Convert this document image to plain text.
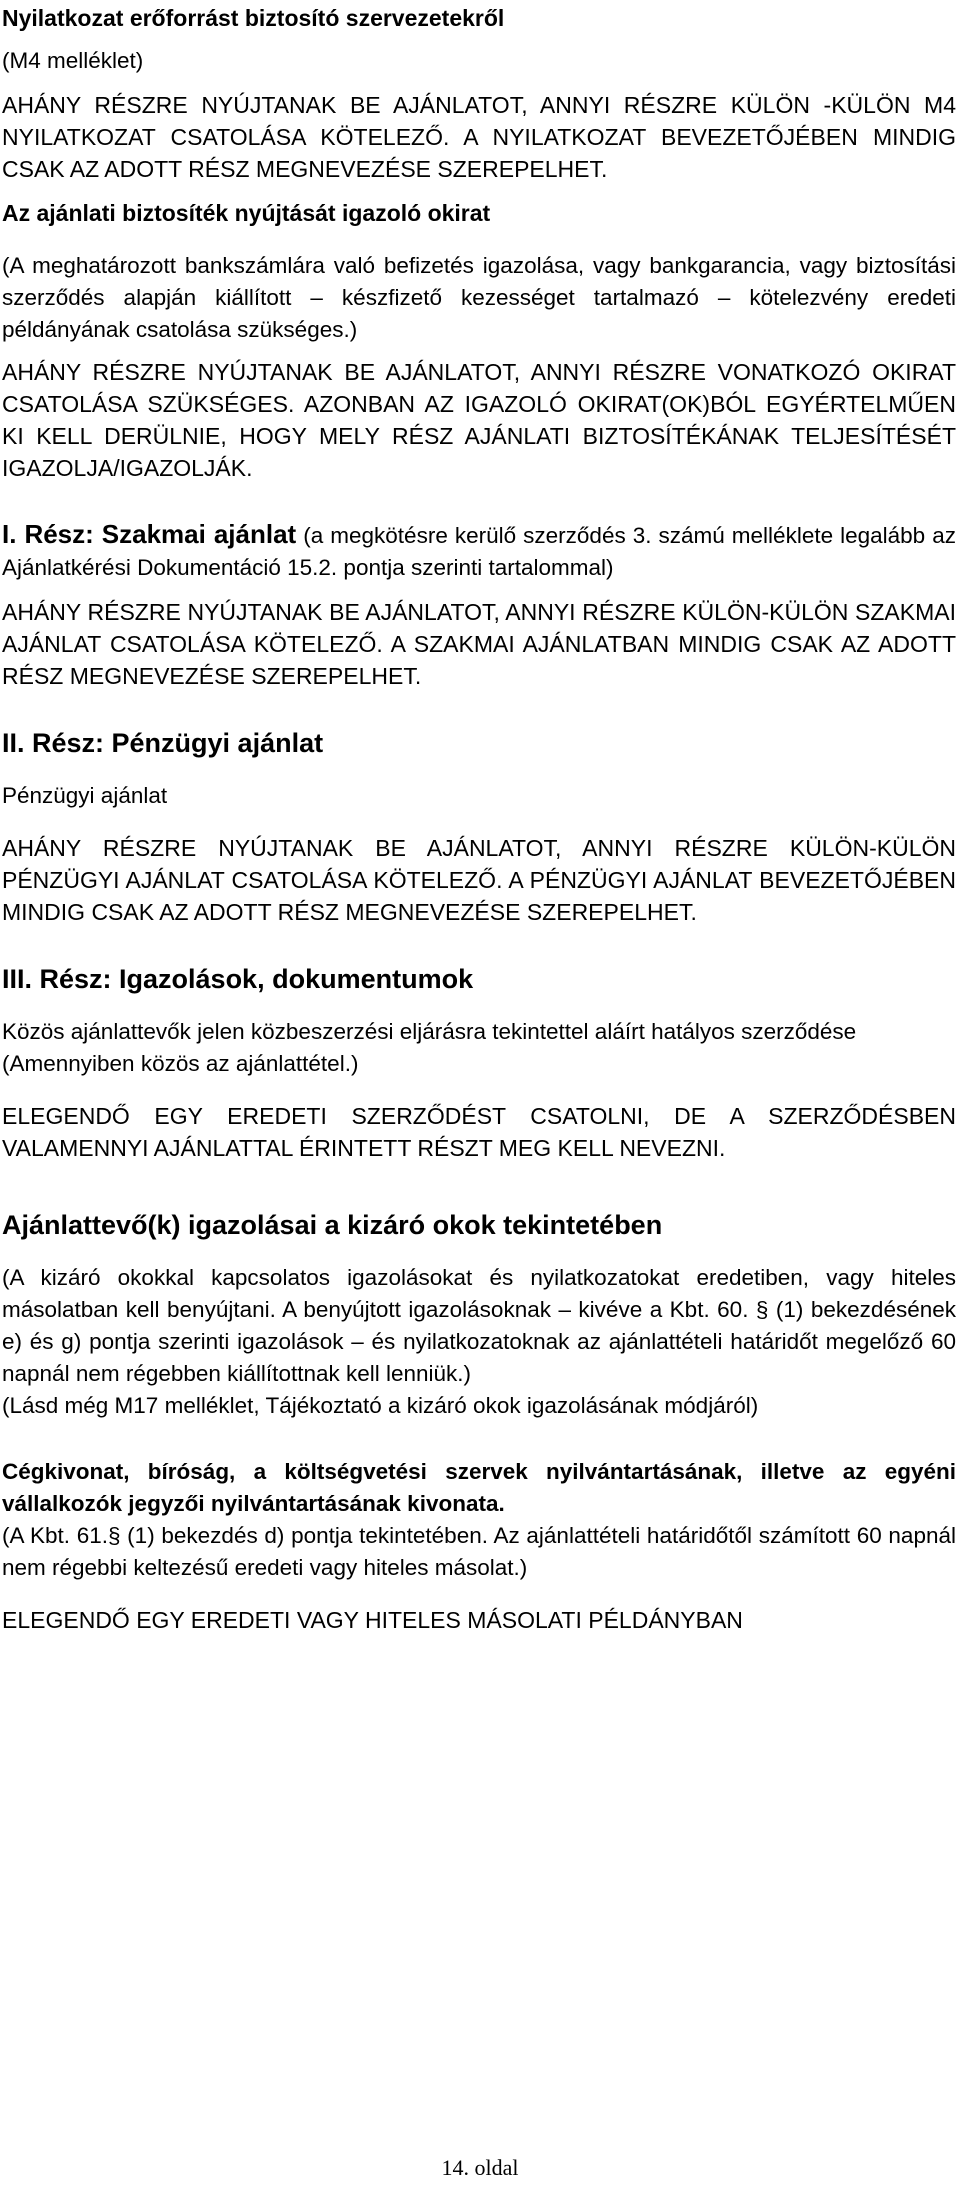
Nyilatkozat erőforrást biztosító szervezetekről

(M4 melléklet)

AHÁNY RÉSZRE NYÚJTANAK BE AJÁNLATOT, ANNYI RÉSZRE KÜLÖN -KÜLÖN M4 NYILATKOZAT CSATOLÁSA KÖTELEZŐ. A NYILATKOZAT BEVEZETŐJÉBEN MINDIG CSAK AZ ADOTT RÉSZ MEGNEVEZÉSE SZEREPELHET.

Az ajánlati biztosíték nyújtását igazoló okirat

(A meghatározott bankszámlára való befizetés igazolása, vagy bankgarancia, vagy biztosítási szerződés alapján kiállított – készfizető kezességet tartalmazó – kötelezvény eredeti példányának csatolása szükséges.)

AHÁNY RÉSZRE NYÚJTANAK BE AJÁNLATOT, ANNYI RÉSZRE VONATKOZÓ OKIRAT CSATOLÁSA SZÜKSÉGES. AZONBAN AZ IGAZOLÓ OKIRAT(OK)BÓL EGYÉRTELMŰEN KI KELL DERÜLNIE, HOGY MELY RÉSZ AJÁNLATI BIZTOSÍTÉKÁNAK TELJESÍTÉSÉT IGAZOLJA/IGAZOLJÁK.

I. Rész: Szakmai ajánlat (a megkötésre kerülő szerződés 3. számú melléklete legalább az Ajánlatkérési Dokumentáció 15.2. pontja szerinti tartalommal)

AHÁNY RÉSZRE NYÚJTANAK BE AJÁNLATOT, ANNYI RÉSZRE KÜLÖN-KÜLÖN SZAKMAI AJÁNLAT CSATOLÁSA KÖTELEZŐ. A SZAKMAI AJÁNLATBAN MINDIG CSAK AZ ADOTT RÉSZ MEGNEVEZÉSE SZEREPELHET.

II. Rész: Pénzügyi ajánlat

Pénzügyi ajánlat

AHÁNY RÉSZRE NYÚJTANAK BE AJÁNLATOT, ANNYI RÉSZRE KÜLÖN-KÜLÖN PÉNZÜGYI AJÁNLAT CSATOLÁSA KÖTELEZŐ. A PÉNZÜGYI AJÁNLAT BEVEZETŐJÉBEN MINDIG CSAK AZ ADOTT RÉSZ MEGNEVEZÉSE SZEREPELHET.

III. Rész: Igazolások, dokumentumok

Közös ajánlattevők jelen közbeszerzési eljárásra tekintettel aláírt hatályos szerződése

(Amennyiben közös az ajánlattétel.)

ELEGENDŐ EGY EREDETI SZERZŐDÉST CSATOLNI, DE A SZERZŐDÉSBEN VALAMENNYI AJÁNLATTAL ÉRINTETT RÉSZT MEG KELL NEVEZNI.

Ajánlattevő(k) igazolásai a kizáró okok tekintetében

(A kizáró okokkal kapcsolatos igazolásokat és nyilatkozatokat eredetiben, vagy hiteles másolatban kell benyújtani. A benyújtott igazolásoknak – kivéve a Kbt. 60. § (1) bekezdésének e) és g) pontja szerinti igazolások – és nyilatkozatoknak az ajánlattételi határidőt megelőző 60 napnál nem régebben kiállítottnak kell lenniük.)

(Lásd még M17 melléklet, Tájékoztató a kizáró okok igazolásának módjáról)

Cégkivonat, bíróság, a költségvetési szervek nyilvántartásának, illetve az egyéni vállalkozók jegyzői nyilvántartásának kivonata.

(A Kbt. 61.§ (1) bekezdés d) pontja tekintetében. Az ajánlattételi határidőtől számított 60 napnál nem régebbi keltezésű eredeti vagy hiteles másolat.)

ELEGENDŐ EGY EREDETI VAGY HITELES MÁSOLATI PÉLDÁNYBAN

14. oldal
